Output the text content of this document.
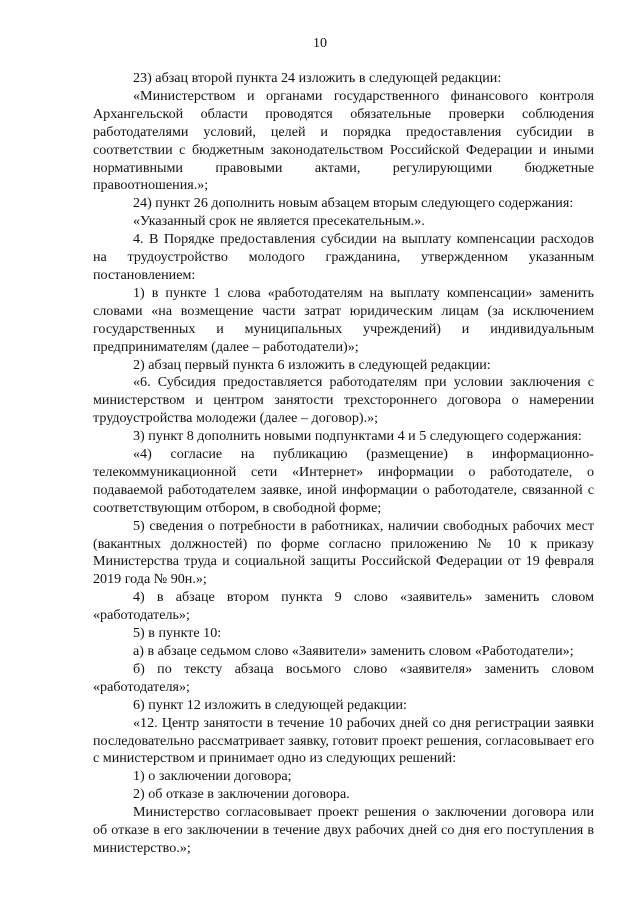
10

23) абзац второй пункта 24 изложить в следующей редакции:

«Министерством и органами государственного финансового контроля Архангельской области проводятся обязательные проверки соблюдения работодателями условий, целей и порядка предоставления субсидии в соответствии с бюджетным законодательством Российской Федерации и иными нормативными правовыми актами, регулирующими бюджетные правоотношения.»;

24) пункт 26 дополнить новым абзацем вторым следующего содержания:

«Указанный срок не является пресекательным.».

4. В Порядке предоставления субсидии на выплату компенсации расходов на трудоустройство молодого гражданина, утвержденном указанным постановлением:

1) в пункте 1 слова «работодателям на выплату компенсации» заменить словами «на возмещение части затрат юридическим лицам (за исключением государственных и муниципальных учреждений) и индивидуальным предпринимателям (далее – работодатели)»;

2) абзац первый пункта 6 изложить в следующей редакции:

«6. Субсидия предоставляется работодателям при условии заключения с министерством и центром занятости трехстороннего договора о намерении трудоустройства молодежи (далее – договор).»;

3) пункт 8 дополнить новыми подпунктами 4 и 5 следующего содержания:

«4) согласие на публикацию (размещение) в информационно-телекоммуникационной сети «Интернет» информации о работодателе, о подаваемой работодателем заявке, иной информации о работодателе, связанной с соответствующим отбором, в свободной форме;

5) сведения о потребности в работниках, наличии свободных рабочих мест (вакантных должностей) по форме согласно приложению № 10 к приказу Министерства труда и социальной защиты Российской Федерации от 19 февраля 2019 года № 90н.»;

4) в абзаце втором пункта 9 слово «заявитель» заменить словом «работодатель»;

5) в пункте 10:

а) в абзаце седьмом слово «Заявители» заменить словом «Работодатели»;

б) по тексту абзаца восьмого слово «заявителя» заменить словом «работодателя»;

6) пункт 12 изложить в следующей редакции:

«12. Центр занятости в течение 10 рабочих дней со дня регистрации заявки последовательно рассматривает заявку, готовит проект решения, согласовывает его с министерством и принимает одно из следующих решений:

1) о заключении договора;

2) об отказе в заключении договора.

Министерство согласовывает проект решения о заключении договора или об отказе в его заключении в течение двух рабочих дней со дня его поступления в министерство.»;
